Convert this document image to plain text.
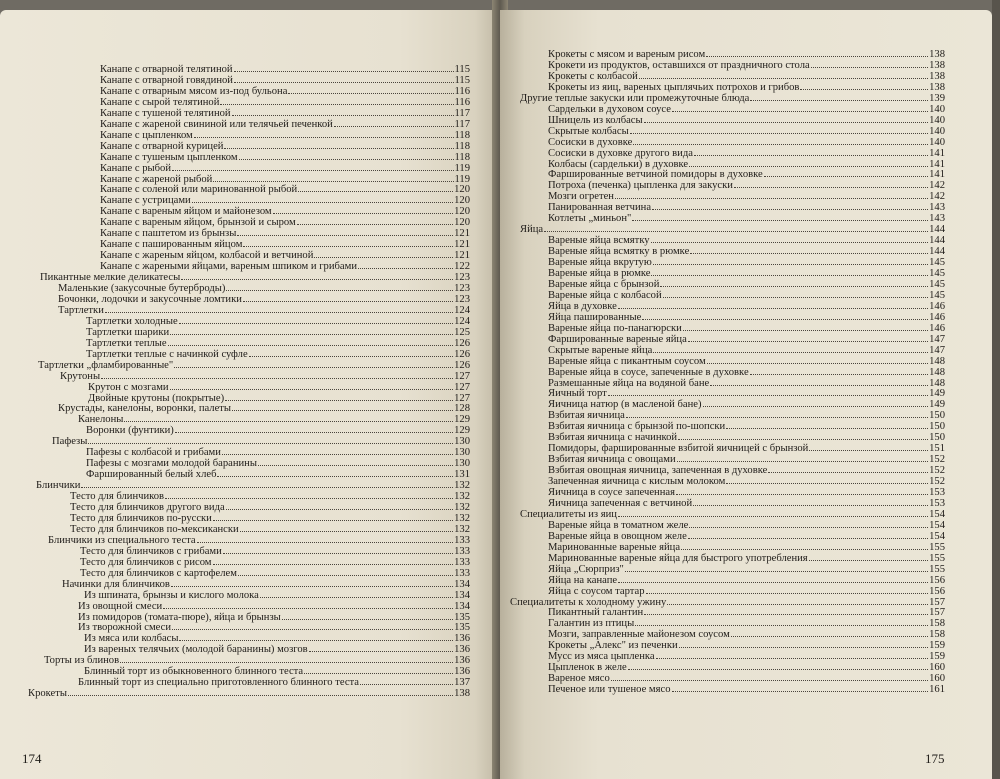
Канапе с отварной телятиной	115
Канапе с отварной говядиной	115
Канапе с отварным мясом из-под бульона	116
Канапе с сырой телятиной	116
Канапе с тушеной телятиной	117
Канапе с жареной свининой или телячьей печенкой	117
Канапе с цыпленком	118
Канапе с отварной курицей	118
Канапе с тушеным цыпленком	118
Канапе с рыбой	119
Канапе с жареной рыбой	119
Канапе с соленой или маринованной рыбой	120
Канапе с устрицами	120
Канапе с вареным яйцом и майонезом	120
Канапе с вареным яйцом, брынзой и сыром	120
Канапе с паштетом из брынзы	121
Канапе с пашированным яйцом	121
Канапе с жареным яйцом, колбасой и ветчиной	121
Канапе с жареными яйцами, вареным шпиком и грибами	122
Пикантные мелкие деликатесы	123
Маленькие (закусочные бутерброды)	123
Бочонки, лодочки и закусочные ломтики	123
Тартлетки	124
Тартлетки холодные	124
Тартлетки шарики	125
Тартлетки теплые	126
Тартлетки теплые с начинкой суфле	126
Тартлетки „фламбированные"	126
Крутоны	127
Крутон с мозгами	127
Двойные крутоны (покрытые)	127
Крустады, канелоны, воронки, палеты	128
Канелоны	129
Воронки (фунтики)	129
Пафезы	130
Пафезы с колбасой и грибами	130
Пафезы с мозгами молодой баранины	130
Фаршированный белый хлеб	131
Блинчики	132
Тесто для блинчиков	132
Тесто для блинчиков другого вида	132
Тесто для блинчиков по-русски	132
Тесто для блинчиков по-мексикански	132
Блинчики из специального теста	133
Тесто для блинчиков с грибами	133
Тесто для блинчиков с рисом	133
Тесто для блинчиков с картофелем	133
Начинки для блинчиков	134
Из шпината, брынзы и кислого молока	134
Из овощной смеси	134
Из помидоров (томата-пюре), яйца и брынзы	135
Из творожной смеси	135
Из мяса или колбасы	136
Из вареных телячьих (молодой баранины) мозгов	136
Торты из блинов	136
Блинный торт из обыкновенного блинного теста	136
Блинный торт из специально приготовленного блинного теста	137
Крокеты	138
174
Крокеты с мясом и вареным рисом	138
Крокети из продуктов, оставшихся от праздничного стола	138
Крокеты с колбасой	138
Крокеты из яиц, вареных цыплячьих потрохов и грибов	138
Другие теплые закуски или промежуточные блюда	139
Сардельки в духовом соусе	140
Шницель из колбасы	140
Скрытые колбасы	140
Сосиски в духовке	140
Сосиски в духовке другого вида	141
Колбасы (сардельки) в духовке	141
Фаршированные ветчиной помидоры в духовке	141
Потроха (печенка) цыпленка для закуски	142
Мозги огретен	142
Панированная ветчина	143
Котлеты „миньон"	143
Яйца	144
Вареные яйца всмятку	144
Вареные яйца всмятку в рюмке	144
Вареные яйца вкрутую	145
Вареные яйца в рюмке	145
Вареные яйца с брынзой	145
Вареные яйца с колбасой	145
Яйца в духовке	146
Яйца пашированные	146
Вареные яйца по-панагюрски	146
Фаршированные вареные яйца	147
Скрытые вареные яйца	147
Вареные яйца с пикантным соусом	148
Вареные яйца в соусе, запеченные в духовке	148
Размешанные яйца на водяной бане	148
Яичный торт	149
Яичница натюр (в масленой бане)	149
Взбитая яичница	150
Взбитая яичница с брынзой по-шопски	150
Взбитая яичница с начинкой	150
Помидоры, фаршированные взбитой яичницей с брынзой	151
Взбитая яичница с овощами	152
Взбитая овощная яичница, запеченная в духовке	152
Запеченная яичница с кислым молоком	152
Яичница в соусе запеченная	153
Яичница запеченная с ветчиной	153
Специалитеты из яиц	154
Вареные яйца в томатном желе	154
Вареные яйца в овощном желе	154
Маринованные вареные яйца	155
Маринованные вареные яйца для быстрого употребления	155
Яйца „Сюрприз"	155
Яйца на канапе	156
Яйца с соусом тартар	156
Специалитеты к холодному ужину	157
Пикантный галантин	157
Галантин из птицы	158
Мозги, заправленные майонезом соусом	158
Крокеты „Алекс" из печенки	159
Мусс из мяса цыпленка	159
Цыпленок в желе	160
Вареное мясо	160
Печеное или тушеное мясо	161
175
